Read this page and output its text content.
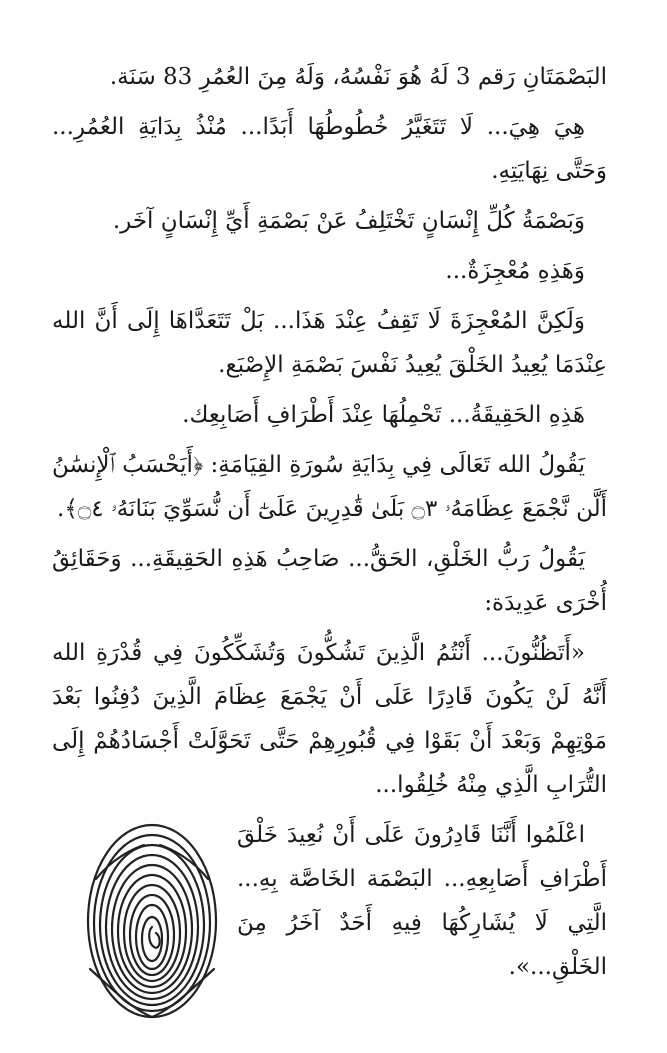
البَصْمَتَانِ رَقم 3 لَهُ هُوَ نَفْسُهُ، وَلَهُ مِنَ العُمُرِ 83 سَنَة.

هِيَ هِيَ... لَا تَتَغَيَّرُ خُطُوطُهَا أَبَدًا... مُنْذُ بِدَايَةِ العُمُرِ... وَحَتَّى نِهَايَتِهِ.

وَبَصْمَةُ كُلِّ إِنْسَانٍ تَخْتَلِفُ عَنْ بَصْمَةِ أَيِّ إِنْسَانٍ آخَر.

وَهَذِهِ مُعْجِزَةٌ...

وَلَكِنَّ المُعْجِزَةَ لَا تَقِفُ عِنْدَ هَذَا... بَلْ تَتَعَدَّاهَا إِلَى أَنَّ الله عِنْدَمَا يُعِيدُ الخَلْقَ يُعِيدُ نَفْسَ بَصْمَةِ الإِصْبَع.

هَذِهِ الحَقِيقَةُ... تَحْمِلُهَا عِنْدَ أَطْرَافِ أَصَابِعِك.

يَقُولُ الله تَعَالَى فِي بِدَايَةِ سُورَةِ القِيَامَةِ: ﴿أَيَحْسَبُ ٱلْإِنسَٰنُ أَلَّن نَّجْمَعَ عِظَامَهُۥ ۝٣ بَلَىٰ قَٰدِرِينَ عَلَىٰٓ أَن نُّسَوِّيَ بَنَانَهُۥ ۝٤﴾.

يَقُولُ رَبُّ الخَلْقِ، الحَقُّ... صَاحِبُ هَذِهِ الحَقِيقَةِ... وَحَقَائِقُ أُخْرَى عَدِيدَة:

«أَتَظُنُّونَ... أَنْتُمُ الَّذِينَ تَشُكُّونَ وَتُشَكِّكُونَ فِي قُدْرَةِ الله أَنَّهُ لَنْ يَكُونَ قَادِرًا عَلَى أَنْ يَجْمَعَ عِظَامَ الَّذِينَ دُفِنُوا بَعْدَ مَوْتِهِمْ وَبَعْدَ أَنْ بَقَوْا فِي قُبُورِهِمْ حَتَّى تَحَوَّلَتْ أَجْسَادُهُمْ إِلَى التُّرَابِ الَّذِي مِنْهُ خُلِقُوا...

اعْلَمُوا أَنَّنَا قَادِرُونَ عَلَى أَنْ نُعِيدَ خَلْقَ أَطْرَافِ أَصَابِعِهِ... البَصْمَة الخَاصَّة بِهِ... الَّتِي لَا يُشَارِكُهَا فِيهِ أَحَدٌ آخَرُ مِنَ الخَلْقِ...».
